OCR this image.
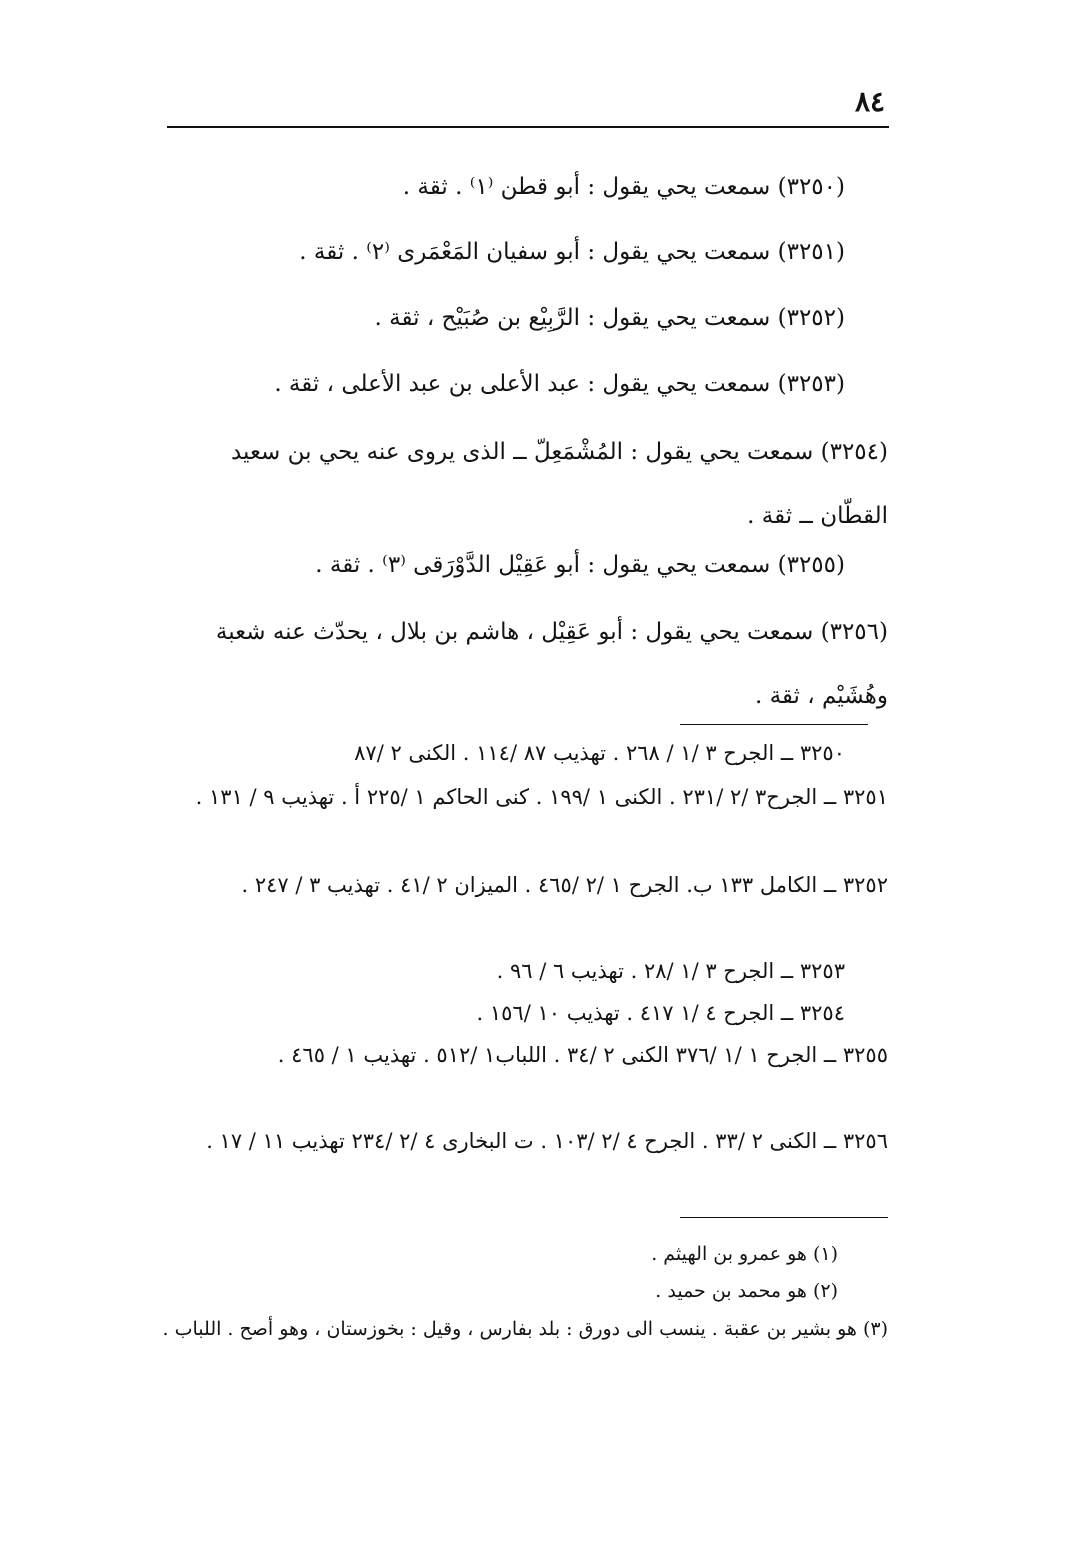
٨٤
(٣٢٥٠) سمعت يحي يقول : أبو قطن ⁽١⁾ . ثقة .
(٣٢٥١) سمعت يحي يقول : أبو سفيان المَعْمَرى ⁽٢⁾ . ثقة .
(٣٢٥٢) سمعت يحي يقول : الرَّبِيْع بن صُبَيْح ، ثقة .
(٣٢٥٣) سمعت يحي يقول : عبد الأعلى بن عبد الأعلى ، ثقة .
(٣٢٥٤) سمعت يحي يقول : المُشْمَعِلّ ــ الذى يروى عنه يحي بن سعيد القطّان ــ ثقة .
(٣٢٥٥) سمعت يحي يقول : أبو عَقِيْل الدَّوْرَقى ⁽٣⁾ . ثقة .
(٣٢٥٦) سمعت يحي يقول : أبو عَقِيْل ، هاشم بن بلال ، يحدّث عنه شعبة وهُشَيْم ، ثقة .
٣٢٥٠ ــ الجرح ٣ /١ / ٢٦٨ . تهذيب ٨٧ /١١٤ . الكنى ٢ /٨٧
٣٢٥١ ــ الجرح٣ /٢ /٢٣١ . الكنى ١ /١٩٩ . كنى الحاكم ١ /٢٢٥ أ . تهذيب ٩ / ١٣١ .
٣٢٥٢ ــ الكامل ١٣٣ ب. الجرح ١ /٢ /٤٦٥ . الميزان ٢ /٤١ . تهذيب ٣ / ٢٤٧ .
٣٢٥٣ ــ الجرح ٣ /١ /٢٨ . تهذيب ٦ / ٩٦ .
٣٢٥٤ ــ الجرح ٤ /١ ٤١٧ . تهذيب ١٠ /١٥٦ .
٣٢٥٥ ــ الجرح ١ /١ /٣٧٦ الكنى ٢ /٣٤ . اللباب١ /٥١٢ . تهذيب ١ / ٤٦٥ .
٣٢٥٦ ــ الكنى ٢ /٣٣ . الجرح ٤ /٢ /١٠٣ . ت البخارى ٤ /٢ /٢٣٤ تهذيب ١١ / ١٧ .
(١) هو عمرو بن الهيثم .
(٢) هو محمد بن حميد .
(٣) هو بشير بن عقبة . ينسب الى دورق : بلد بفارس ، وقيل : بخوزستان ، وهو أصح . اللباب .
